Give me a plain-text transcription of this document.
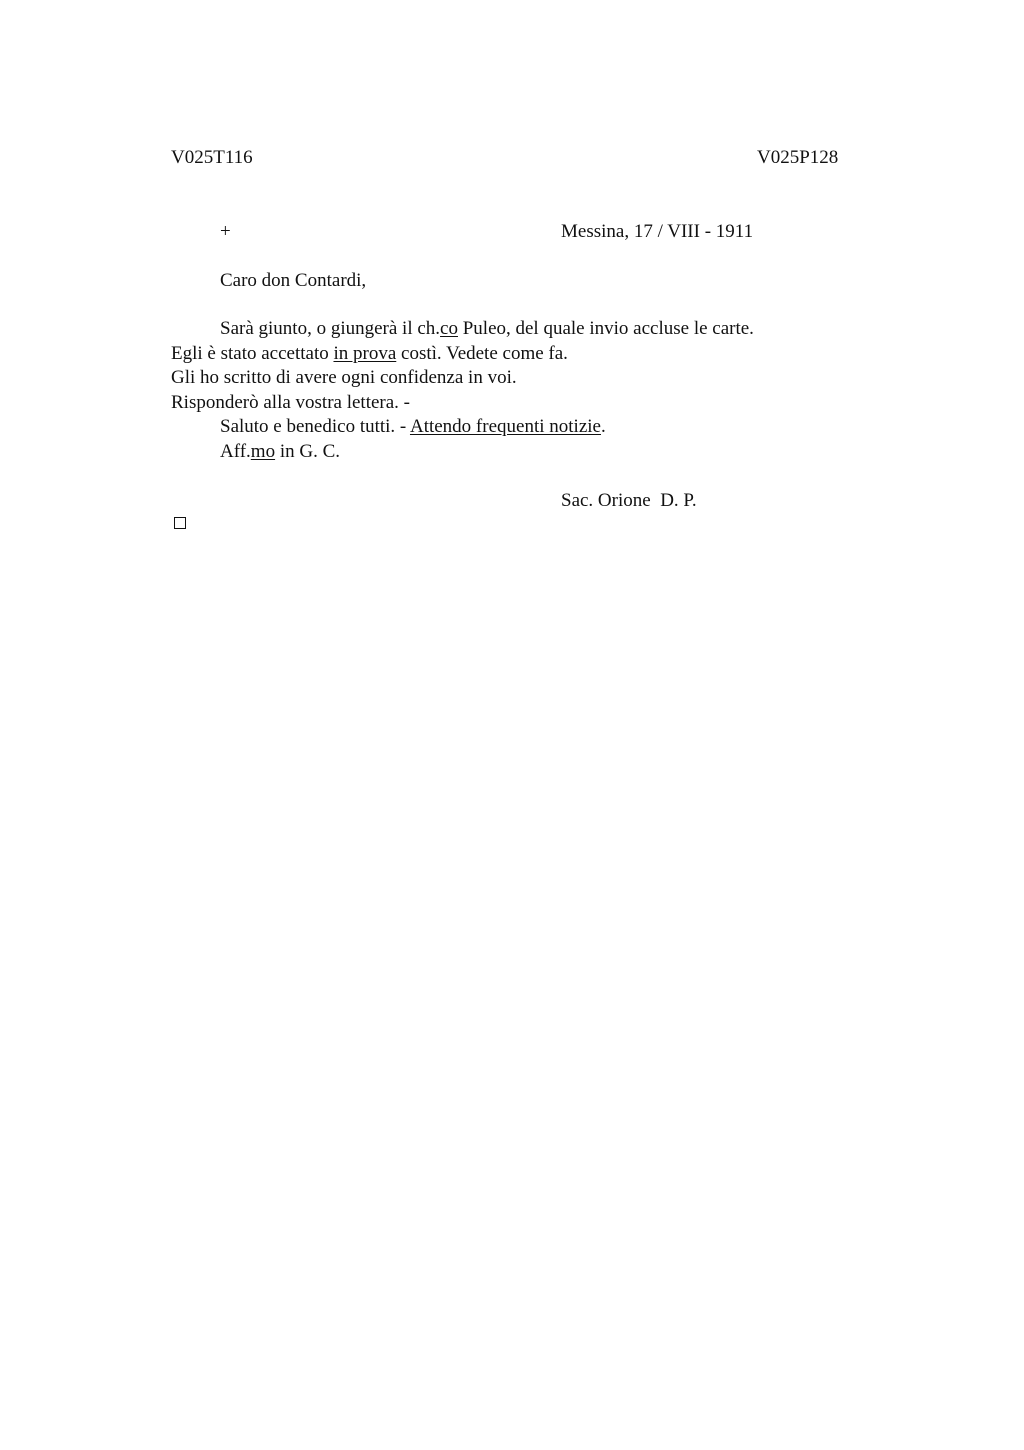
V025T116	V025P128
+	Messina, 17 / VIII - 1911
Caro don Contardi,
Sarà giunto, o giungerà il ch.co Puleo, del quale invio accluse le carte.
Egli è stato accettato in prova costì. Vedete come fa.
Gli ho scritto di avere ogni confidenza in voi.
Risponderò alla vostra lettera. -
Saluto e benedico tutti. - Attendo frequenti notizie.
Aff.mo in G. C.
Sac. Orione  D. P.
